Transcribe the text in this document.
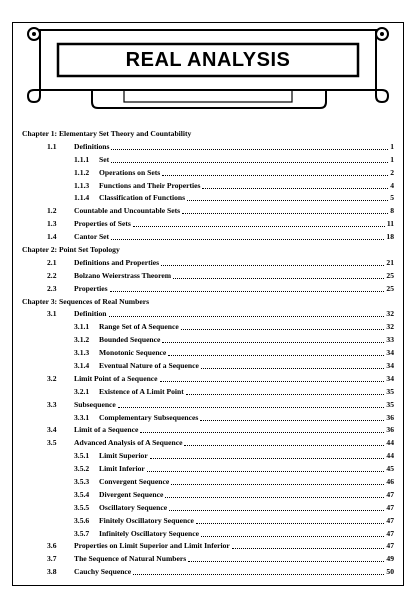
REAL ANALYSIS
Chapter 1: Elementary Set Theory and Countability
1.1 Definitions	1
1.1.1 Set	1
1.1.2 Operations on Sets	2
1.1.3 Functions and Their Properties	4
1.1.4 Classification of Functions	5
1.2 Countable and Uncountable Sets	8
1.3 Properties of Sets	11
1.4 Cantor Set	18
Chapter 2: Point Set Topology
2.1 Definitions and Properties	21
2.2 Bolzano Weierstrass Theorem	25
2.3 Properties	25
Chapter 3: Sequences of Real Numbers
3.1 Definition	32
3.1.1 Range Set of A Sequence	32
3.1.2 Bounded Sequence	33
3.1.3 Monotonic Sequence	34
3.1.4 Eventual Nature of a Sequence	34
3.2 Limit Point of a Sequence	34
3.2.1 Existence of A Limit Point	35
3.3 Subsequence	35
3.3.1 Complementary Subsequences	36
3.4 Limit of a Sequence	36
3.5 Advanced Analysis of A Sequence	44
3.5.1 Limit Superior	44
3.5.2 Limit Inferior	45
3.5.3 Convergent Sequence	46
3.5.4 Divergent Sequence	47
3.5.5 Oscillatory Sequence	47
3.5.6 Finitely Oscillatory Sequence	47
3.5.7 Infinitely Oscillatory Sequence	47
3.6 Properties on Limit Superior and Limit Inferior	47
3.7 The Sequence of Natural Numbers	49
3.8 Cauchy Sequence	50
